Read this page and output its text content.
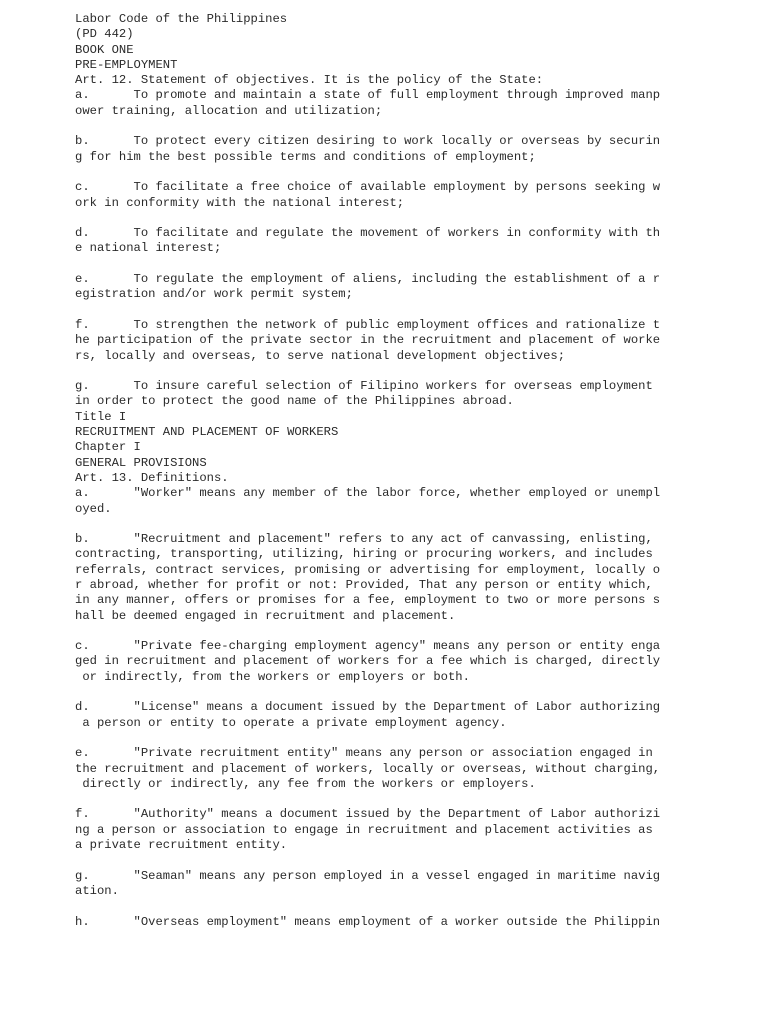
Labor Code of the Philippines
(PD 442)
BOOK ONE
PRE-EMPLOYMENT
Art. 12. Statement of objectives. It is the policy of the State:
a.      To promote and maintain a state of full employment through improved manp
ower training, allocation and utilization;
b.      To protect every citizen desiring to work locally or overseas by securin
g for him the best possible terms and conditions of employment;
c.      To facilitate a free choice of available employment by persons seeking w
ork in conformity with the national interest;
d.      To facilitate and regulate the movement of workers in conformity with th
e national interest;
e.      To regulate the employment of aliens, including the establishment of a r
egistration and/or work permit system;
f.      To strengthen the network of public employment offices and rationalize t
he participation of the private sector in the recruitment and placement of worke
rs, locally and overseas, to serve national development objectives;
g.      To insure careful selection of Filipino workers for overseas employment
in order to protect the good name of the Philippines abroad.
Title I
RECRUITMENT AND PLACEMENT OF WORKERS
Chapter I
GENERAL PROVISIONS
Art. 13. Definitions.
a.      "Worker" means any member of the labor force, whether employed or unempl
oyed.
b.      "Recruitment and placement" refers to any act of canvassing, enlisting,
contracting, transporting, utilizing, hiring or procuring workers, and includes
referrals, contract services, promising or advertising for employment, locally o
r abroad, whether for profit or not: Provided, That any person or entity which,
in any manner, offers or promises for a fee, employment to two or more persons s
hall be deemed engaged in recruitment and placement.
c.      "Private fee-charging employment agency" means any person or entity enga
ged in recruitment and placement of workers for a fee which is charged, directly
or indirectly, from the workers or employers or both.
d.      "License" means a document issued by the Department of Labor authorizing
a person or entity to operate a private employment agency.
e.      "Private recruitment entity" means any person or association engaged in
the recruitment and placement of workers, locally or overseas, without charging,
directly or indirectly, any fee from the workers or employers.
f.      "Authority" means a document issued by the Department of Labor authorizi
ng a person or association to engage in recruitment and placement activities as
a private recruitment entity.
g.      "Seaman" means any person employed in a vessel engaged in maritime navig
ation.
h.      "Overseas employment" means employment of a worker outside the Philippin
